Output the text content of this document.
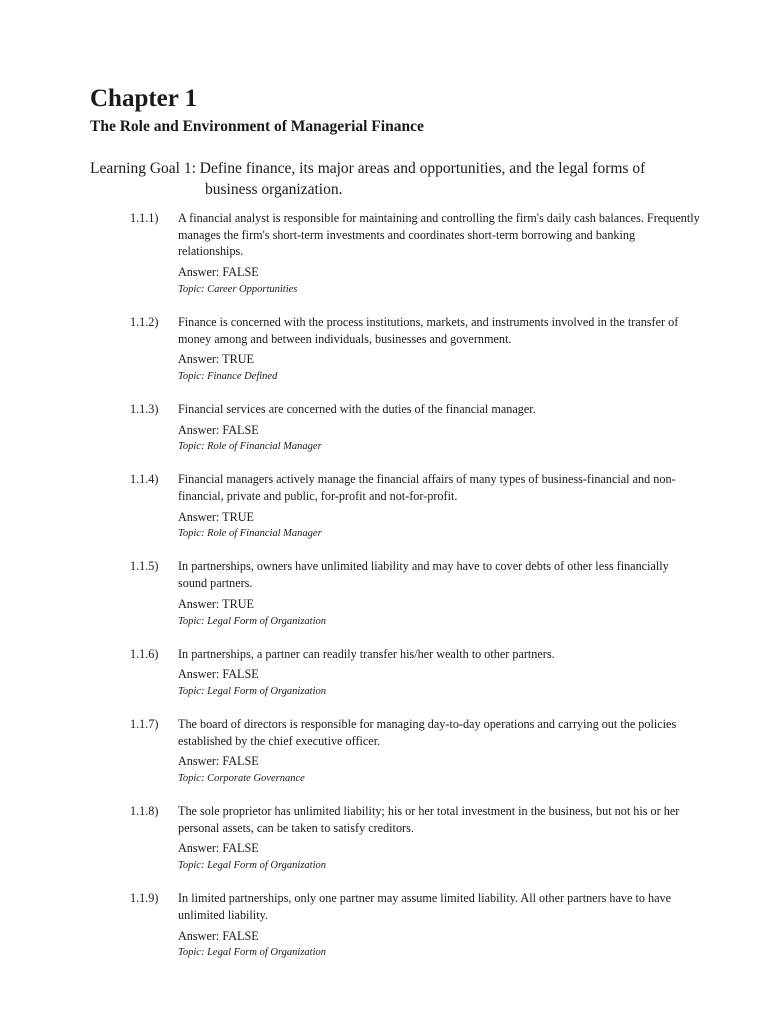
Chapter 1
The Role and Environment of Managerial Finance
Learning Goal 1: Define finance, its major areas and opportunities, and the legal forms of business organization.
1.1.1) A financial analyst is responsible for maintaining and controlling the firm's daily cash balances. Frequently manages the firm's short-term investments and coordinates short-term borrowing and banking relationships.
Answer: FALSE
Topic: Career Opportunities
1.1.2) Finance is concerned with the process institutions, markets, and instruments involved in the transfer of money among and between individuals, businesses and government.
Answer: TRUE
Topic: Finance Defined
1.1.3) Financial services are concerned with the duties of the financial manager.
Answer: FALSE
Topic: Role of Financial Manager
1.1.4) Financial managers actively manage the financial affairs of many types of business-financial and non-financial, private and public, for-profit and not-for-profit.
Answer: TRUE
Topic: Role of Financial Manager
1.1.5) In partnerships, owners have unlimited liability and may have to cover debts of other less financially sound partners.
Answer: TRUE
Topic: Legal Form of Organization
1.1.6) In partnerships, a partner can readily transfer his/her wealth to other partners.
Answer: FALSE
Topic: Legal Form of Organization
1.1.7) The board of directors is responsible for managing day-to-day operations and carrying out the policies established by the chief executive officer.
Answer: FALSE
Topic: Corporate Governance
1.1.8) The sole proprietor has unlimited liability; his or her total investment in the business, but not his or her personal assets, can be taken to satisfy creditors.
Answer: FALSE
Topic: Legal Form of Organization
1.1.9) In limited partnerships, only one partner may assume limited liability. All other partners have to have unlimited liability.
Answer: FALSE
Topic: Legal Form of Organization
